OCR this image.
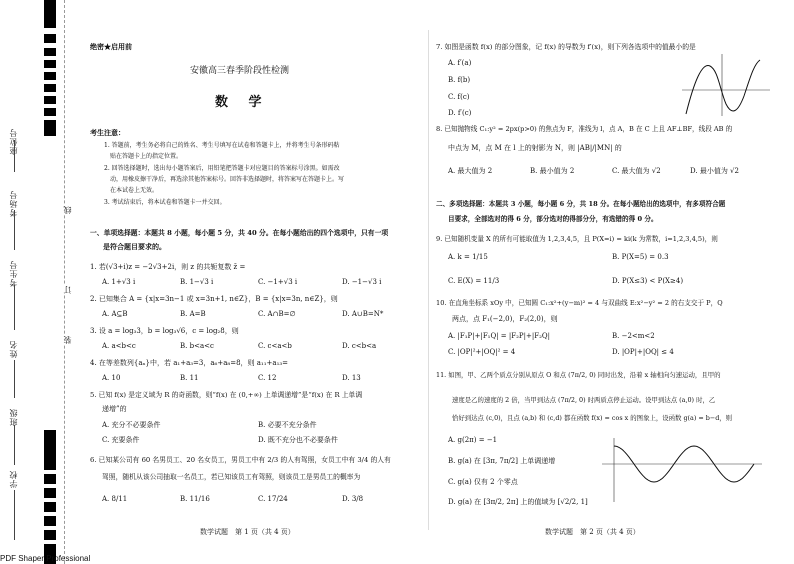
座位号
考场号
考生号
姓名
班级
学校
线
订
装
绝密★启用前
安徽高三春季阶段性检测
数 学
考生注意：
1. 答题前，考生务必将自己的姓名、考生号填写在试卷和答题卡上，并将考生号条形码粘
贴在答题卡上的指定位置。
2. 回答选择题时，选出每小题答案后，用铅笔把答题卡对应题目的答案标号涂黑。如需改
动，用橡皮擦干净后，再选涂其他答案标号。回答非选择题时，将答案写在答题卡上。写
在本试卷上无效。
3. 考试结束后，将本试卷和答题卡一并交回。
一、单项选择题：本题共 8 小题，每小题 5 分，共 40 分。在每小题给出的四个选项中，只有一项
是符合题目要求的。
1. 若(√3+i)z = −2√3+2i，则 z 的共轭复数 z̄ =
A. 1+√3 i	B. 1−√3 i	C. −1+√3 i	D. −1−√3 i
2. 已知集合 A = {x|x=3n−1 或 x=3n+1, n∈Z}，B = {x|x=3n, n∈Z}，则
A. A⊆B	B. A=B	C. A∩B=∅	D. A∪B=N*
3. 设 a = log₃3，b = log₃√6，c = log₂8，则
A. a<b<c	B. b<a<c	C. c<a<b	D. c<b<a
4. 在等差数列{aₙ}中，若 a₁+a₃=3，a₆+a₈=8，则 a₁₁+a₁₃=
A. 10	B. 11	C. 12	D. 13
5. 已知 f(x) 是定义域为 R 的奇函数，则“f(x) 在 (0,+∞) 上单调递增”是“f(x) 在 R 上单调
递增”的
A. 充分不必要条件	B. 必要不充分条件
C. 充要条件	D. 既不充分也不必要条件
6. 已知某公司有 60 名男员工、20 名女员工，男员工中有 2/3 的人有驾照，女员工中有 3/4 的人有
驾照，随机从该公司抽取一名员工，若已知该员工有驾照，则该员工是男员工的概率为
A. 8/11	B. 11/16	C. 17/24	D. 3/8
数学试题　第 1 页（共 4 页）
7. 如图是函数 f(x) 的部分图象，记 f(x) 的导数为 f′(x)，则下列各选项中的值最小的是
A. f′(a)
B. f(b)
C. f(c)
D. f′(c)
8. 已知抛物线 C₁:y² = 2px(p>0) 的焦点为 F，准线为 l，点 A，B 在 C 上且 AF⊥BF，线段 AB 的
中点为 M，点 M 在 l 上的射影为 N，则 |AB|/|MN| 的
A. 最大值为 2	B. 最小值为 2	C. 最大值为 √2	D. 最小值为 √2
二、多项选择题：本题共 3 小题，每小题 6 分，共 18 分。在每小题给出的选项中，有多项符合题
目要求，全部选对的得 6 分，部分选对的得部分分，有选错的得 0 分。
9. 已知随机变量 X 的所有可能取值为 1,2,3,4,5，且 P(X=i) = ki(k 为常数，i=1,2,3,4,5)，则
A. k = 1/15	B. P(X=5) = 0.3
C. E(X) = 11/3	D. P(X≤3) < P(X≥4)
10. 在直角坐标系 xOy 中，已知圆 C₁:x²+(y−m)² = 4 与双曲线 E:x²−y² = 2 的右支交于 P，Q
两点，点 F₁(−2,0)，F₂(2,0)，则
A. |F₁P|+|F₁Q| = |F₂P|+|F₂Q|	B. −2<m<2
C. |OP|²+|OQ|² = 4	D. |OP|+|OQ| ≤ 4
11. 如图，甲、乙两个质点分别从原点 O 和点 (7π/2, 0) 同时出发，沿着 x 轴相向匀速运动，且甲的
速度是乙的速度的 2 倍，当甲到达点 (7π/2, 0) 时两质点停止运动。设甲到达点 (a,0) 时，乙
恰好到达点 (c,0)，且点 (a,b) 和 (c,d) 都在函数 f(x) = cos x 的图象上，设函数 g(a) = b−d，则
A. g(2π) = −1
B. g(a) 在 [3π, 7π/2] 上单调递增
C. g(a) 仅有 2 个零点
D. g(a) 在 [3π/2, 2π] 上的值域为 [√2/2, 1]
数学试题　第 2 页（共 4 页）
PDF Shaper Professional
